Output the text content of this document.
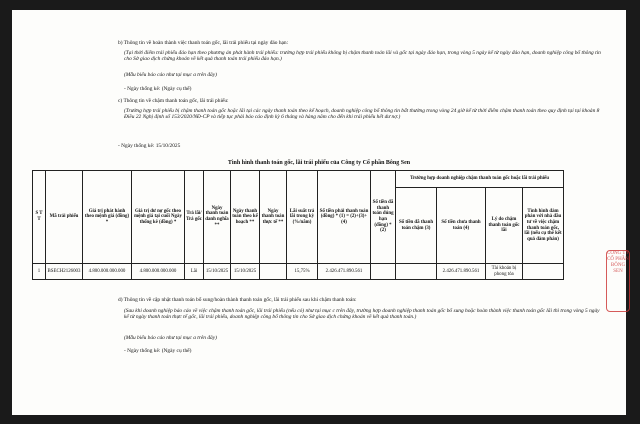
b) Thông tin về hoàn thành việc thanh toán gốc, lãi trái phiếu tại ngày đáo hạn:
(Tại thời điểm trái phiếu đáo hạn theo phương án phát hành trái phiếu: trường hợp trái phiếu không bị chậm thanh toán lãi và gốc tại ngày đáo hạn, trong vòng 5 ngày kể từ ngày đáo hạn, doanh nghiệp công bố thông tin cho Sở giao dịch chứng khoán về kết quả thanh toán trái phiếu đáo hạn.)
(Mẫu biểu báo cáo như tại mục a trên đây)
- Ngày thống kê: (Ngày cụ thể)
c) Thông tin về chậm thanh toán gốc, lãi trái phiếu:
(Trường hợp trái phiếu bị chậm thanh toán gốc hoặc lãi tại các ngày thanh toán theo kế hoạch, doanh nghiệp công bố thông tin bất thường trong vòng 24 giờ kể từ thời điểm chậm thanh toán theo quy định tại tại khoản 8 Điều 22 Nghị định số 153/2020/NĐ-CP và tiếp tục phải báo cáo định kỳ 6 tháng và hàng năm cho đến khi trái phiếu hết dư nợ.)
- Ngày thống kê: 15/10/2025
Tình hình thanh toán gốc, lãi trái phiếu của Công ty Cổ phần Bông Sen
S T T	Mã trái phiếu	Giá trị phát hành theo mệnh giá (đồng) *	Giá trị dư nợ gốc theo mệnh giá tại cuối Ngày thống kê (đồng) *	Trả lãi/ Trả gốc	Ngày thanh toán danh nghĩa **	Ngày thanh toán theo kế hoạch **	Ngày thanh toán thực tế **	Lãi suất trả lãi trong kỳ (%/năm)	Số tiền phải thanh toán (đồng) * (1) = (2)+(3)+(4)	Số tiền đã thanh toán đúng hạn (đồng) * (2)	Trường hợp doanh nghiệp chậm thanh toán gốc hoặc lãi trái phiếu			
											Số tiền đã thanh toán chậm (3)	Số tiền chưa thanh toán (4)	Lý do chậm thanh toán gốc lãi	Tình hình đàm phán với nhà đầu tư về việc chậm thanh toán gốc, lãi (nếu cụ thể kết quả đàm phán)
1	BSECH2126003	4.800.000.000.000	4.800.000.000.000	Lãi	15/10/2025	15/10/2025		15,75%	2.426.471.890.561			2.426.471.890.561	Tài khoản bị phong tỏa	
d) Thông tin về cập nhật thanh toán bổ sung/hoàn thành thanh toán gốc, lãi trái phiếu sau khi chậm thanh toán:
(Sau khi doanh nghiệp báo cáo về việc chậm thanh toán gốc, lãi trái phiếu (nếu có) như tại mục c trên đây, trường hợp doanh nghiệp thanh toán gốc bổ sung hoặc hoàn thành việc thanh toán gốc lãi thì trong vòng 5 ngày kể từ ngày thanh toán thực tế gốc, lãi trái phiếu, doanh nghiệp công bố thông tin cho Sở giao dịch chứng khoán về kết quả thanh toán.)
(Mẫu biểu báo cáo như tại mục a trên đây)
- Ngày thống kê: (Ngày cụ thể)
CÔNG TY CỔ PHẦN BÔNG SEN
